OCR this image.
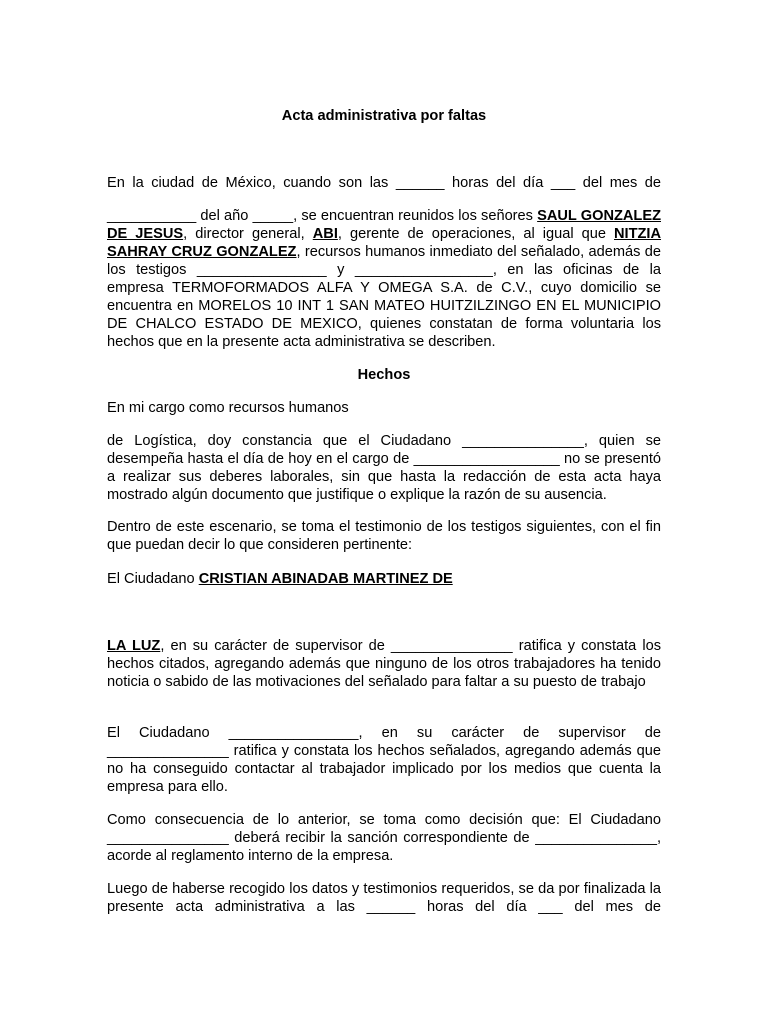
Acta administrativa por faltas

En la ciudad de México, cuando son las ______ horas del día ___ del mes de

___________ del año _____, se encuentran reunidos los señores SAUL GONZALEZ DE JESUS, director general, ABI, gerente de operaciones, al igual que NITZIA SAHRAY CRUZ GONZALEZ, recursos humanos inmediato del señalado, además de los testigos ________________ y _________________, en las oficinas de la empresa TERMOFORMADOS ALFA Y OMEGA S.A. de C.V., cuyo domicilio se encuentra en MORELOS 10 INT 1 SAN MATEO HUITZILZINGO EN EL MUNICIPIO DE CHALCO ESTADO DE MEXICO, quienes constatan de forma voluntaria los hechos que en la presente acta administrativa se describen.

Hechos

En mi cargo como recursos humanos

de Logística, doy constancia que el Ciudadano _______________, quien se desempeña hasta el día de hoy en el cargo de __________________ no se presentó a realizar sus deberes laborales, sin que hasta la redacción de esta acta haya mostrado algún documento que justifique o explique la razón de su ausencia.

Dentro de este escenario, se toma el testimonio de los testigos siguientes, con el fin que puedan decir lo que consideren pertinente:

El Ciudadano CRISTIAN ABINADAB MARTINEZ DE

LA LUZ, en su carácter de supervisor de _______________ ratifica y constata los hechos citados, agregando además que ninguno de los otros trabajadores ha tenido noticia o sabido de las motivaciones del señalado para faltar a su puesto de trabajo

El Ciudadano ________________, en su carácter de supervisor de _______________ ratifica y constata los hechos señalados, agregando además que no ha conseguido contactar al trabajador implicado por los medios que cuenta la empresa para ello.

Como consecuencia de lo anterior, se toma como decisión que: El Ciudadano _______________ deberá recibir la sanción correspondiente de _______________, acorde al reglamento interno de la empresa.

Luego de haberse recogido los datos y testimonios requeridos, se da por finalizada la presente acta administrativa a las ______ horas del día ___ del mes de
